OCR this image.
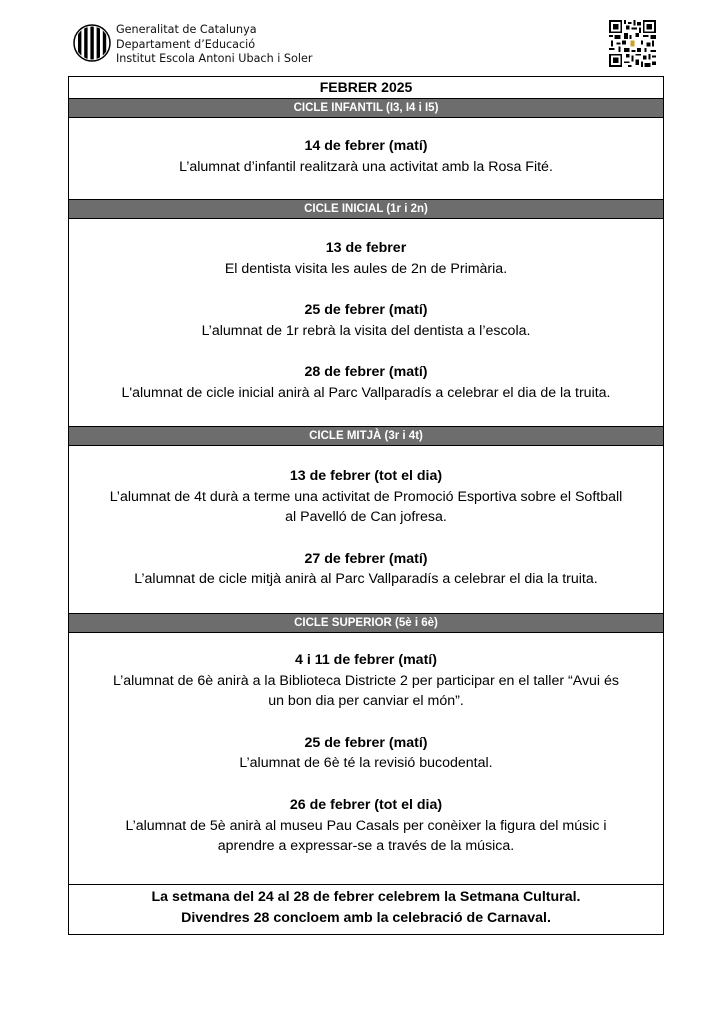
Generalitat de Catalunya
Departament d’Educació
Institut Escola Antoni Ubach i Soler
FEBRER 2025
CICLE INFANTIL (I3, I4 i I5)
14 de febrer (matí)
L’alumnat d’infantil realitzarà una activitat amb la Rosa Fité.
CICLE INICIAL (1r i 2n)
13 de febrer
El dentista visita les aules de 2n de Primària.
25 de febrer (matí)
L’alumnat de 1r rebrà la visita del dentista a l’escola.
28 de febrer (matí)
L'alumnat de cicle inicial anirà al Parc Vallparadís a celebrar el dia de la truita.
CICLE MITJÀ (3r i 4t)
13 de febrer (tot el dia)
L’alumnat de 4t durà a terme una activitat de Promoció Esportiva sobre el Softball
al Pavelló de Can jofresa.
27 de febrer (matí)
L’alumnat de cicle mitjà anirà al Parc Vallparadís a celebrar el dia la truita.
CICLE SUPERIOR (5è i 6è)
4 i 11 de febrer (matí)
L’alumnat de 6è anirà a la Biblioteca Districte 2 per participar en el taller “Avui és
un bon dia per canviar el món”.
25 de febrer (matí)
L’alumnat de 6è té la revisió bucodental.
26 de febrer (tot el dia)
L’alumnat de 5è anirà al museu Pau Casals per conèixer la figura del músic i
aprendre a expressar-se a través de la música.
La setmana del 24 al 28 de febrer celebrem la Setmana Cultural.
Divendres 28 concloem amb la celebració de Carnaval.
